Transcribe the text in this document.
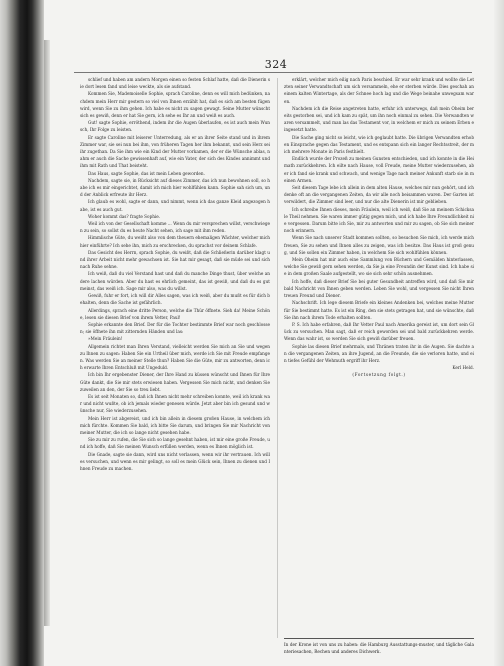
324

schlief und haben am andern Morgen einen so festen Schlaf hatte, daß die Dienerin sie dort lesen fand und leise weckte, als sie aufstand.

Kommen Sie, Mademoiselle Sophie, sprach Caroline, denn es will mich bedünken, nachdem mein Herr mir gestern so viel von Ihnen erzählt hat, daß es sich am besten fügen wird, wenn Sie zu ihm gehen. Ich habe es nicht zu sagen gewagt. Seine Mutter wünscht sich es gewiß, denn er hat Sie gern, ich sehe es Ihr an und weiß es auch.

Gut! sagte Sophie, erröthend, indem ihr die Augen überlaufen, es ist auch mein Wunsch, Ihr Folge zu leisten.

Er sagte Caroline mit leiserer Unterredung, als er an ihrer Seite stand und in ihrem Zimmer war, sie sei nun bei ihm, von früheren Tagen her ihm bekannt, und sein Herz sei ihr zugethan. Da Sie ihm wie ein Kind der Mutter vorkamen, der er die Wünsche ablas, nahm er auch die Sache gewissenhaft auf, wie ein Vater, der sich des Kindes annimmt und ihm mit Rath und That beisteht.

Das Haus, sagte Sophie, das ist mein Leben geworden.

Nachdem, sagte sie, in Rücksicht auf dieses Zimmer, das ich nun bewohnen soll, so habe ich es mir eingerichtet, damit ich mich hier wohlfühlen kann. Sophie sah sich um, und der Anblick erfreute ihr Herz.

Ich glaub es wohl, sagte er dann, und nimmt, wenn ich das ganze Kleid angezogen habe, ist es auch gut.

Woher kommt das? fragte Sophie.

Weil ich von der Gesellschaft komme ... Wenn du mir versprechen willst, verschwiegen zu sein, so sollst du es heute Nacht sehen, ich sage mit ihm reden.

Himmlische Güte, du weißt also von dem theuern ehemaligen Wächter, welcher mich hier einführte? Ich sehe ihn, mich zu erschrecken, du sprachst vor deinem Schlafe.

Das Gesicht des Herrn, sprach Sophie, du weißt, daß die Schließerin darüber klagt und ihrer Arbeit nicht mehr gewachsen ist. Sie hat mir gesagt, daß sie müde sei und sich nach Ruhe sehne.

Ich weiß, daß du viel Verstand hast und daß du manche Dinge thust, über welche andere lachen würden. Aber du hast es ehrlich gemeint, das ist gewiß, und daß du es gut meinst, das weiß ich. Sage mir also, was du willst.

Gewiß, fuhr er fort, ich will dir Alles sagen, was ich weiß, aber du mußt es für dich behalten, denn die Sache ist gefährlich.

Allerdings, sprach eine dritte Person, welche die Thür öffnete. Sieh da! Meine Schöne, lesen sie diesen Brief von ihrem Vetter, Paul!

Sophie erkannte den Brief. Der für die Tochter bestimmte Brief war noch geschlossen; sie öffnete ihn mit zitternden Händen und las:

»Mein Fräulein!

Allgemein richtet man Ihren Verstand, vielleicht werden Sie mich an Sie und wegen zu Ihnen zu sagen: Haben Sie ein Urtheil über mich, werde ich Sie mit Freude empfangen. Was werden Sie an meiner Stelle thun? Haben Sie die Güte, mir zu antworten, denn ich erwarte Ihren Entschluß mit Ungeduld.

Ich bin Ihr ergebenster Diener, der Ihre Hand zu küssen wünscht und Ihnen für Ihre Güte dankt, die Sie mir stets erwiesen haben. Vergessen Sie mich nicht, und denken Sie zuweilen an den, der Sie so treu liebt.

Es ist seit Monaten so, daß ich Ihnen nicht mehr schreiben konnte, weil ich krank war und nicht wußte, ob ich jemals wieder genesen würde. Jetzt aber bin ich gesund und wünsche nur, Sie wiederzusehen.

Mein Herr ist abgereist, und ich bin allein in diesem großen Hause, in welchem ich mich fürchte. Kommen Sie bald, ich bitte Sie darum, und bringen Sie mir Nachricht von meiner Mutter, die ich so lange nicht gesehen habe.

Sie zu mir zu rufen, die Sie sich so lange gesehnt haben, ist mir eine große Freude, und ich hoffe, daß Sie meinen Wunsch erfüllen werden, wenn es Ihnen möglich ist.

Die Gnade, sagte sie dann, wird uns nicht verlassen, wenn wir ihr vertrauen. Ich will es versuchen, und wenn es mir gelingt, so soll es mein Glück sein, Ihnen zu dienen und Ihnen Freude zu machen.

erklärt, welcher mich eilig nach Paris beschied. Er war sehr krank und wollte die Letzten seiner Verwandtschaft um sich versammeln, ehe er sterben würde. Dies geschah an einem kalten Wintertage, als der Schnee hoch lag und die Wege beinahe unwegsam waren.

Nachdem ich die Reise angetreten hatte, erfuhr ich unterwegs, daß mein Oheim bereits gestorben sei, und ich kam zu spät, um ihn noch einmal zu sehen. Die Verwandten waren versammelt, und man las das Testament vor, in welchem er mich zu seinem Erben eingesetzt hatte.

Die Sache ging nicht so leicht, wie ich geglaubt hatte. Die übrigen Verwandten erhoben Einsprache gegen das Testament, und es entspann sich ein langer Rechtsstreit, der mich mehrere Monate in Paris festhielt.

Endlich wurde der Prozeß zu meinen Gunsten entschieden, und ich konnte in die Heimath zurückkehren. Ich eilte nach Hause, voll Freude, meine Mutter wiederzusehen, aber ich fand sie krank und schwach, und wenige Tage nach meiner Ankunft starb sie in meinen Armen.

Seit diesem Tage lebe ich allein in dem alten Hause, welches mir nun gehört, und ich denke oft an die vergangenen Zeiten, da wir alle noch beisammen waren. Der Garten ist verwildert, die Zimmer sind leer, und nur die alte Dienerin ist mir geblieben.

Ich schreibe Ihnen dieses, mein Fräulein, weil ich weiß, daß Sie an meinem Schicksale Theil nehmen. Sie waren immer gütig gegen mich, und ich habe Ihre Freundlichkeit nie vergessen. Darum bitte ich Sie, mir zu antworten und mir zu sagen, ob Sie sich meiner noch erinnern.

Wenn Sie nach unserer Stadt kommen sollten, so besuchen Sie mich, ich werde mich freuen, Sie zu sehen und Ihnen alles zu zeigen, was ich besitze. Das Haus ist groß genug, und Sie sollen ein Zimmer haben, in welchem Sie sich wohlfühlen können.

Mein Oheim hat mir auch eine Sammlung von Büchern und Gemälden hinterlassen, welche Sie gewiß gern sehen werden, da Sie ja eine Freundin der Kunst sind. Ich habe sie in dem großen Saale aufgestellt, wo sie sich sehr schön ausnehmen.

Ich hoffe, daß dieser Brief Sie bei guter Gesundheit antreffen wird, und daß Sie mir bald Nachricht von Ihnen geben werden. Leben Sie wohl, und vergessen Sie nicht Ihren treuen Freund und Diener.

Nachschrift. Ich lege diesem Briefe ein kleines Andenken bei, welches meine Mutter für Sie bestimmt hatte. Es ist ein Ring, den sie stets getragen hat, und sie wünschte, daß Sie ihn nach ihrem Tode erhalten sollten.

P. S. Ich habe erfahren, daß Ihr Vetter Paul nach Amerika gereist ist, um dort sein Glück zu versuchen. Man sagt, daß er reich geworden sei und bald zurückkehren werde. Wenn das wahr ist, so werden Sie sich gewiß darüber freuen.

Sophie las diesen Brief mehrmals, und Thränen traten ihr in die Augen. Sie dachte an die vergangenen Zeiten, an ihre Jugend, an die Freunde, die sie verloren hatte, und ein tiefes Gefühl der Wehmuth ergriff ihr Herz.

Kerl Held.

(Fortsetzung folgt.)

In der Krone ist von uns zu haben: die Hamburg Ausstattungs-muster, und tägliche Galanteriesachen, Rechen und anderes Dichwerk.
